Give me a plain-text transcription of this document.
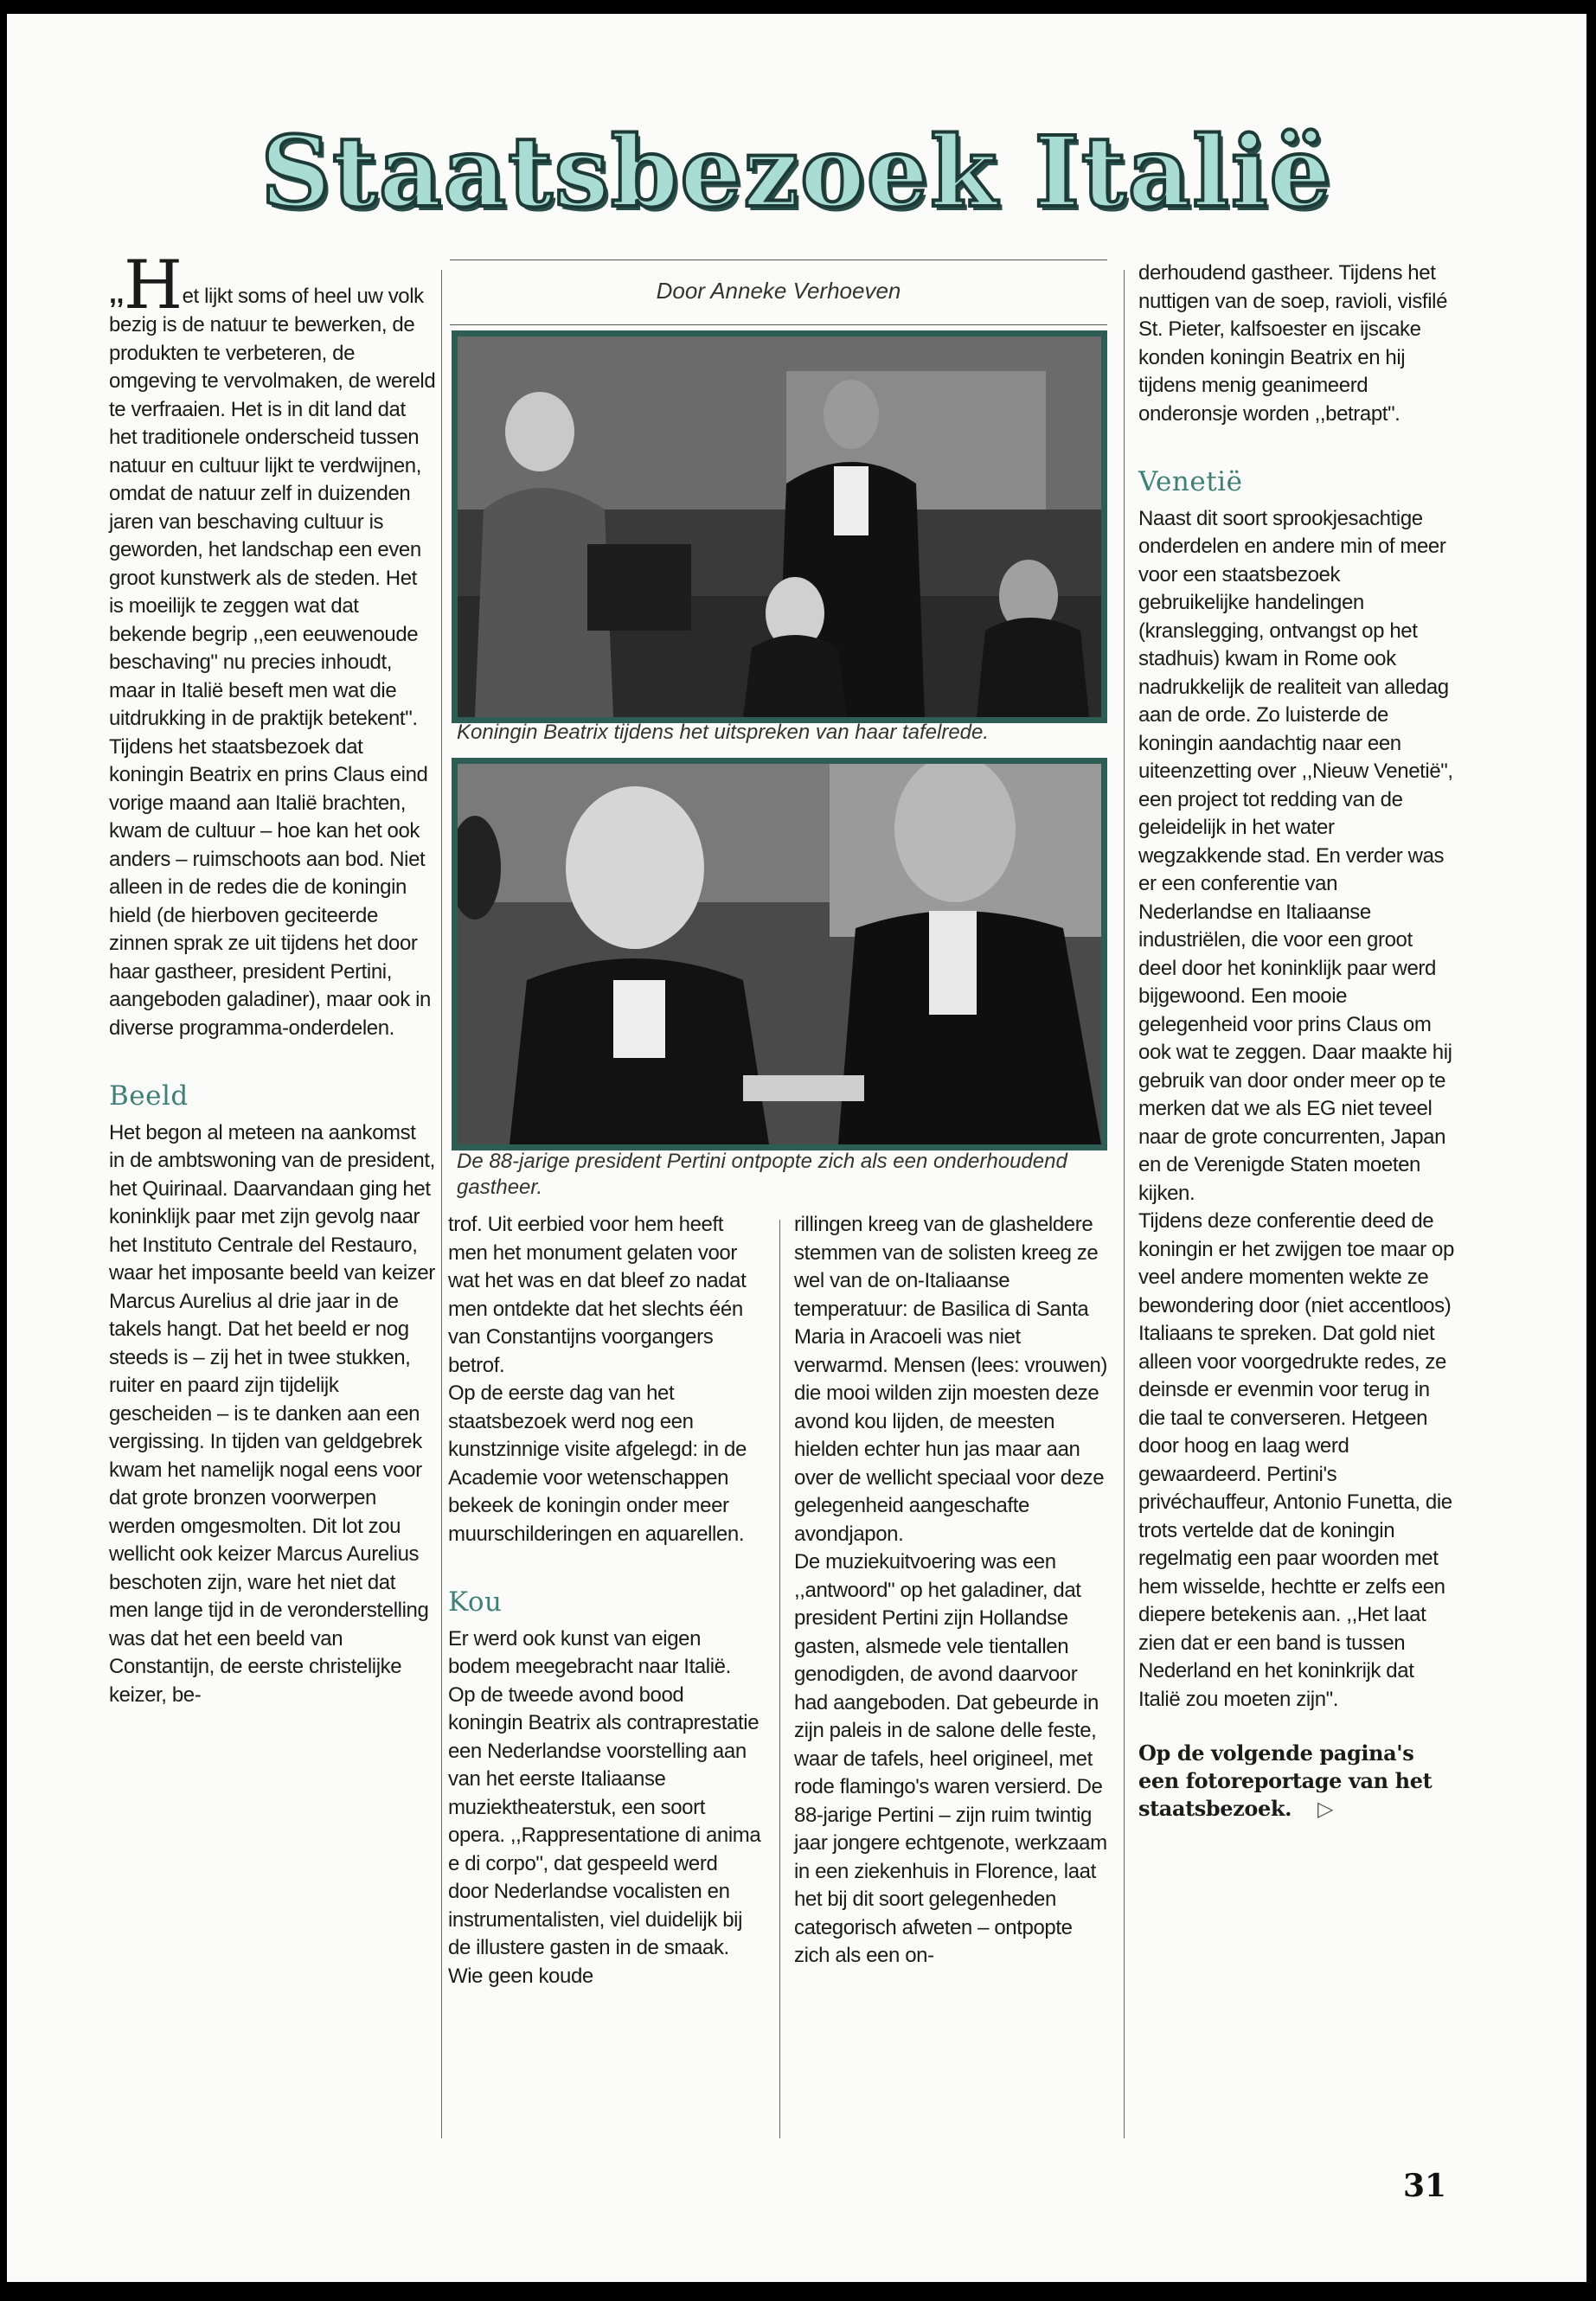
Staatsbezoek Italië

,,Het lijkt soms of heel uw volk bezig is de natuur te bewerken, de produkten te verbeteren, de omgeving te vervolmaken, de wereld te verfraaien. Het is in dit land dat het traditionele onderscheid tussen natuur en cultuur lijkt te verdwijnen, omdat de natuur zelf in duizenden jaren van beschaving cultuur is geworden, het landschap een even groot kunstwerk als de steden. Het is moeilijk te zeggen wat dat bekende begrip ,,een eeuwenoude beschaving" nu precies inhoudt, maar in Italië beseft men wat die uitdrukking in de praktijk betekent".

Tijdens het staatsbezoek dat koningin Beatrix en prins Claus eind vorige maand aan Italië brachten, kwam de cultuur – hoe kan het ook anders – ruimschoots aan bod. Niet alleen in de redes die de koningin hield (de hierboven geciteerde zinnen sprak ze uit tijdens het door haar gastheer, president Pertini, aangeboden galadiner), maar ook in diverse programma-onderdelen.

Beeld

Het begon al meteen na aankomst in de ambtswoning van de president, het Quirinaal. Daarvandaan ging het koninklijk paar met zijn gevolg naar het Instituto Centrale del Restauro, waar het imposante beeld van keizer Marcus Aurelius al drie jaar in de takels hangt. Dat het beeld er nog steeds is – zij het in twee stukken, ruiter en paard zijn tijdelijk gescheiden – is te danken aan een vergissing. In tijden van geldgebrek kwam het namelijk nogal eens voor dat grote bronzen voorwerpen werden omgesmolten. Dit lot zou wellicht ook keizer Marcus Aurelius beschoten zijn, ware het niet dat men lange tijd in de veronderstelling was dat het een beeld van Constantijn, de eerste christelijke keizer, be-

Door Anneke Verhoeven
Koningin Beatrix tijdens het uitspreken van haar tafelrede.
De 88-jarige president Pertini ontpopte zich als een onderhoudend gastheer.

trof. Uit eerbied voor hem heeft men het monument gelaten voor wat het was en dat bleef zo nadat men ontdekte dat het slechts één van Constantijns voorgangers betrof.

Op de eerste dag van het staatsbezoek werd nog een kunstzinnige visite afgelegd: in de Academie voor wetenschappen bekeek de koningin onder meer muurschilderingen en aquarellen.

Kou

Er werd ook kunst van eigen bodem meegebracht naar Italië. Op de tweede avond bood koningin Beatrix als contraprestatie een Nederlandse voorstelling aan van het eerste Italiaanse muziektheaterstuk, een soort opera. ,,Rappresentatione di anima e di corpo", dat gespeeld werd door Nederlandse vocalisten en instrumentalisten, viel duidelijk bij de illustere gasten in de smaak. Wie geen koude

rillingen kreeg van de glasheldere stemmen van de solisten kreeg ze wel van de on-Italiaanse temperatuur: de Basilica di Santa Maria in Aracoeli was niet verwarmd. Mensen (lees: vrouwen) die mooi wilden zijn moesten deze avond kou lijden, de meesten hielden echter hun jas maar aan over de wellicht speciaal voor deze gelegenheid aangeschafte avondjapon.

De muziekuitvoering was een ,,antwoord" op het galadiner, dat president Pertini zijn Hollandse gasten, alsmede vele tientallen genodigden, de avond daarvoor had aangeboden. Dat gebeurde in zijn paleis in de salone delle feste, waar de tafels, heel origineel, met rode flamingo's waren versierd. De 88-jarige Pertini – zijn ruim twintig jaar jongere echtgenote, werkzaam in een ziekenhuis in Florence, laat het bij dit soort gelegenheden categorisch afweten – ontpopte zich als een on-

derhoudend gastheer. Tijdens het nuttigen van de soep, ravioli, visfilé St. Pieter, kalfsoester en ijscake konden koningin Beatrix en hij tijdens menig geanimeerd onderonsje worden ,,betrapt".

Venetië

Naast dit soort sprookjesachtige onderdelen en andere min of meer voor een staatsbezoek gebruikelijke handelingen (kranslegging, ontvangst op het stadhuis) kwam in Rome ook nadrukkelijk de realiteit van alledag aan de orde. Zo luisterde de koningin aandachtig naar een uiteenzetting over ,,Nieuw Venetië", een project tot redding van de geleidelijk in het water wegzakkende stad. En verder was er een conferentie van Nederlandse en Italiaanse industriëlen, die voor een groot deel door het koninklijk paar werd bijgewoond. Een mooie gelegenheid voor prins Claus om ook wat te zeggen. Daar maakte hij gebruik van door onder meer op te merken dat we als EG niet teveel naar de grote concurrenten, Japan en de Verenigde Staten moeten kijken.

Tijdens deze conferentie deed de koningin er het zwijgen toe maar op veel andere momenten wekte ze bewondering door (niet accentloos) Italiaans te spreken. Dat gold niet alleen voor voorgedrukte redes, ze deinsde er evenmin voor terug in die taal te converseren. Hetgeen door hoog en laag werd gewaardeerd. Pertini's privéchauffeur, Antonio Funetta, die trots vertelde dat de koningin regelmatig een paar woorden met hem wisselde, hechtte er zelfs een diepere betekenis aan. ,,Het laat zien dat er een band is tussen Nederland en het koninkrijk dat Italië zou moeten zijn".

Op de volgende pagina's een fotoreportage van het staatsbezoek. ▷

31
